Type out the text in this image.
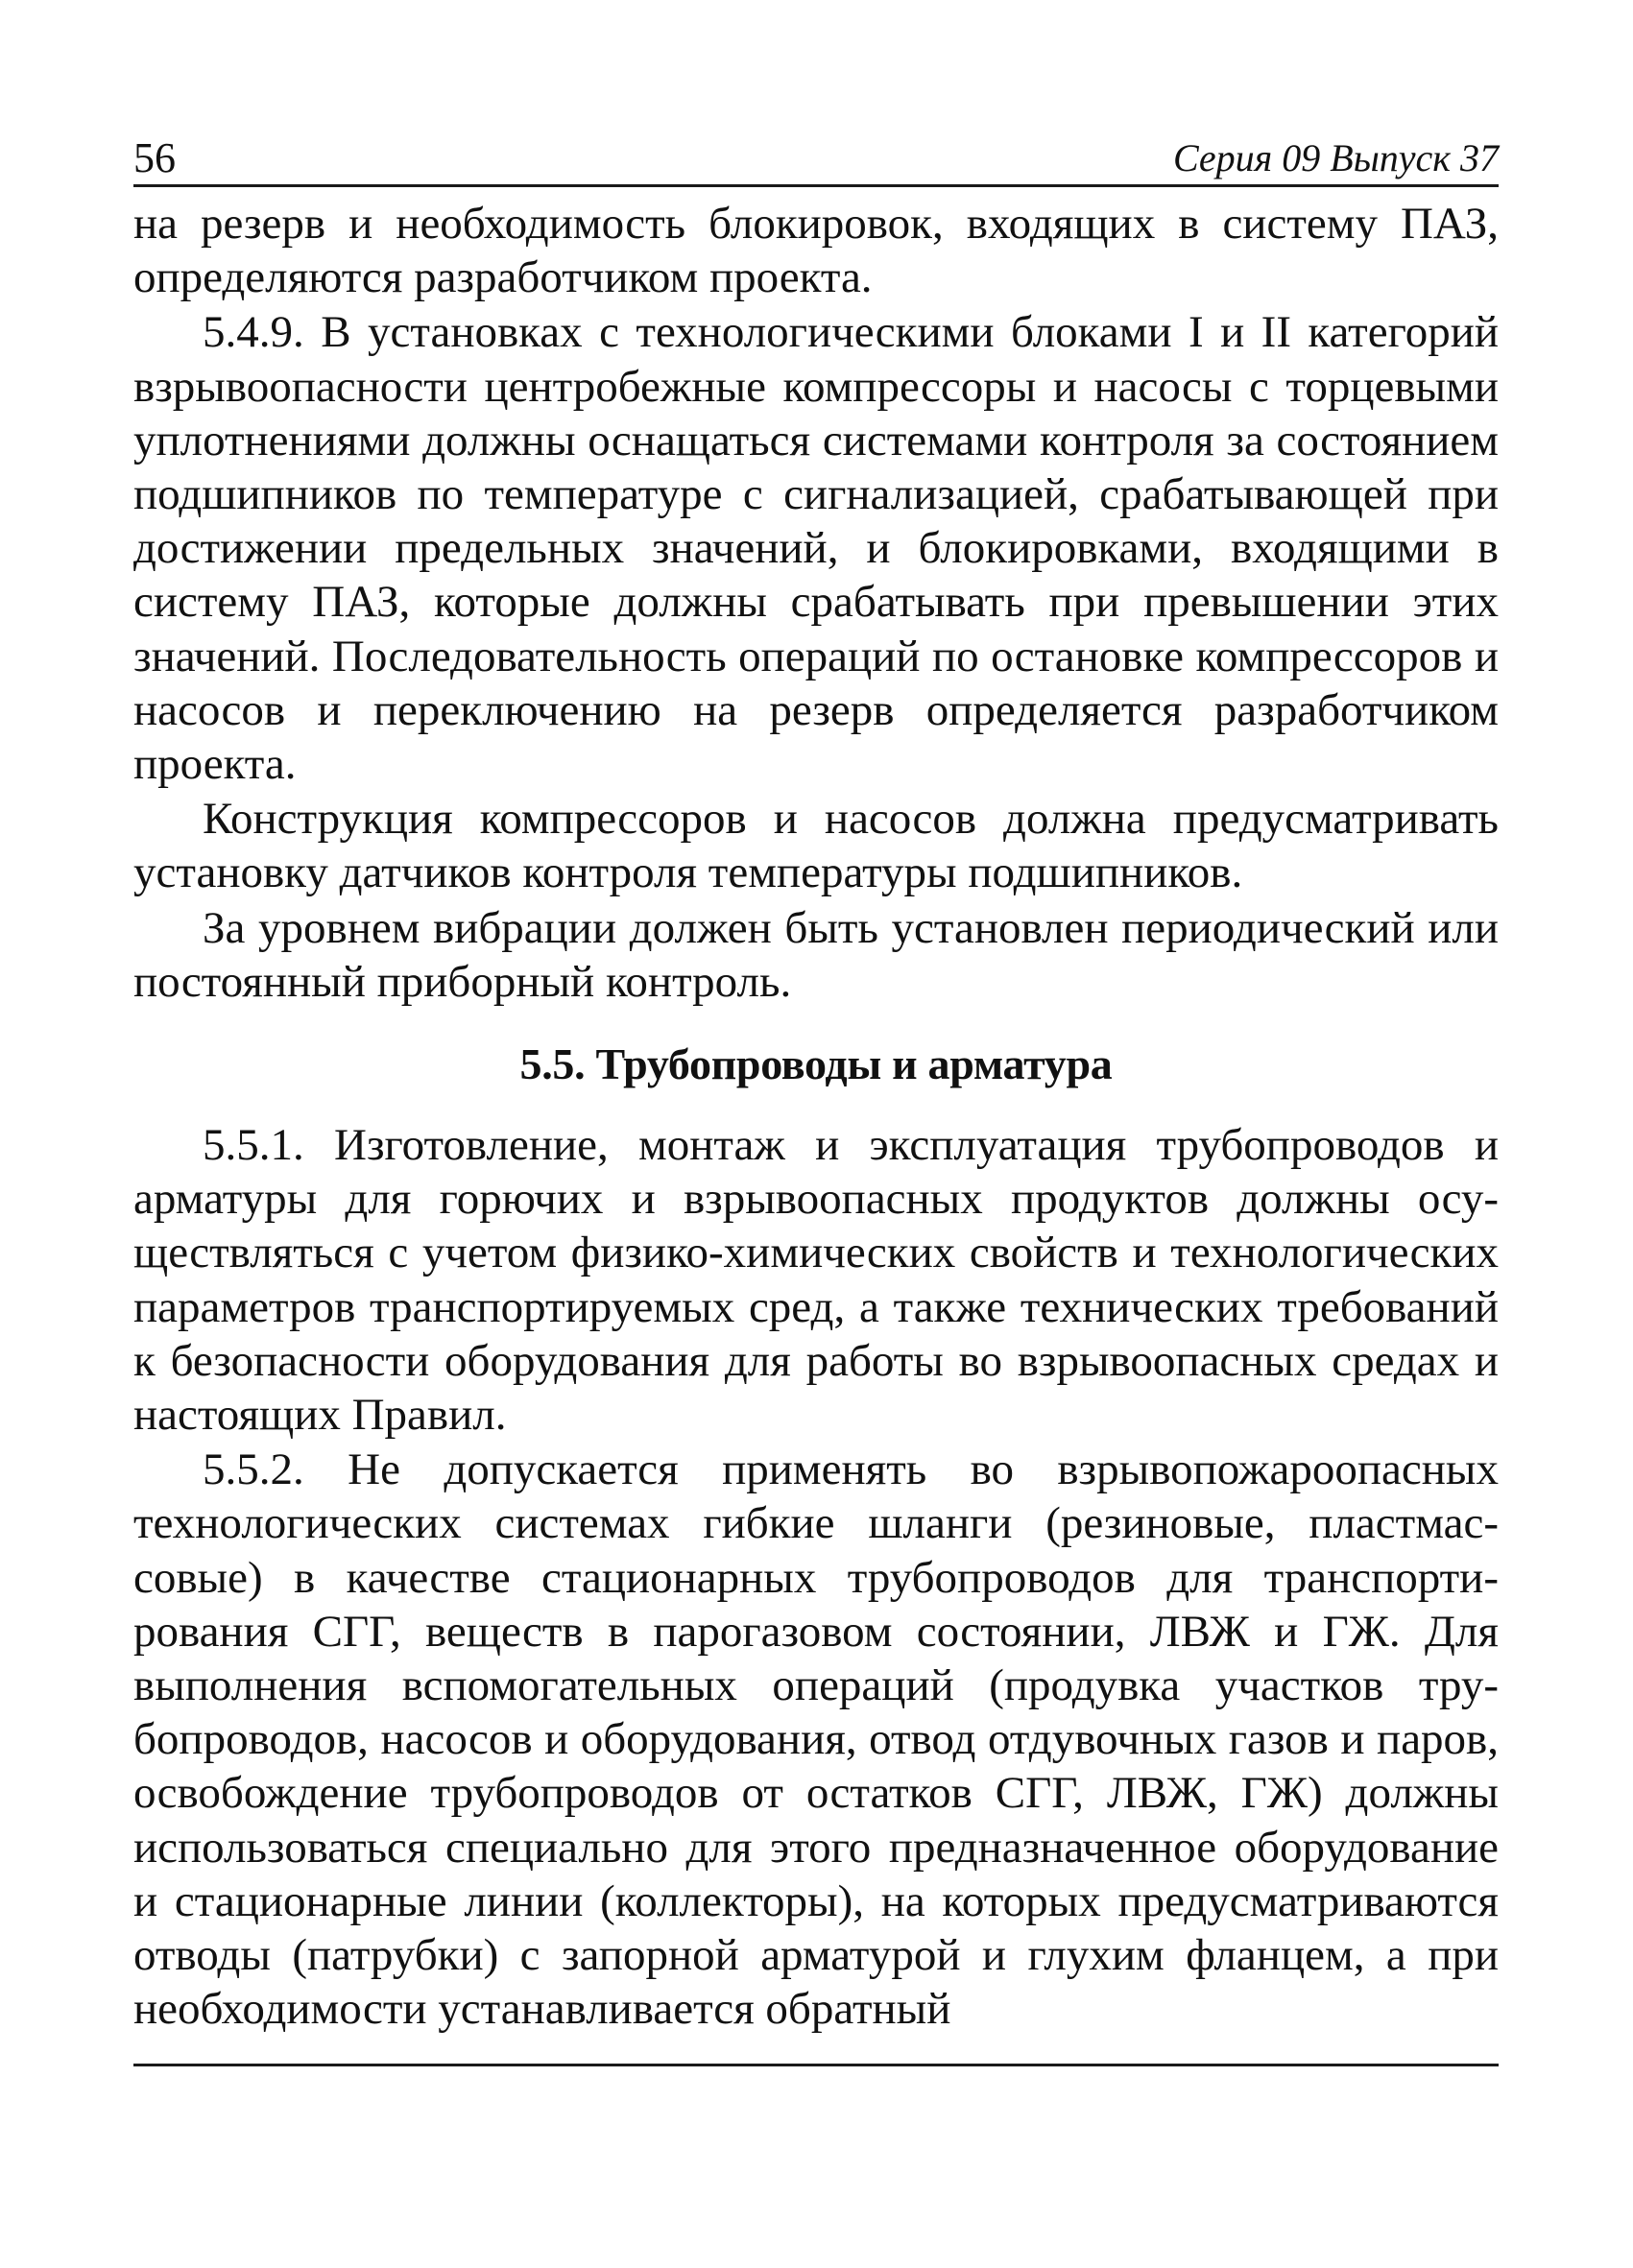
56	Серия 09 Выпуск 37

на резерв и необходимость блокировок, входящих в систему ПАЗ, определяются разработчиком проекта.

5.4.9. В установках с технологическими блоками I и II категорий взрывоопасности центробежные компрессоры и насосы с торцевыми уплотнениями должны оснащаться системами контроля за состоянием подшипников по температуре с сигнализацией, срабатывающей при достижении предельных значений, и блокировками, входящими в систему ПАЗ, которые должны срабатывать при превышении этих значений. Последовательность операций по остановке компрессоров и насосов и переключению на резерв определяется разработчиком проекта.

Конструкция компрессоров и насосов должна предусматривать установку датчиков контроля температуры подшипников.

За уровнем вибрации должен быть установлен периодический или постоянный приборный контроль.

5.5. Трубопроводы и арматура

5.5.1. Изготовление, монтаж и эксплуатация трубопроводов и арматуры для горючих и взрывоопасных продуктов должны осуществляться с учетом физико-химических свойств и технологических параметров транспортируемых сред, а также технических требований к безопасности оборудования для работы во взрывоопасных средах и настоящих Правил.

5.5.2. Не допускается применять во взрывопожароопасных технологических системах гибкие шланги (резиновые, пластмассовые) в качестве стационарных трубопроводов для транспортирования СГГ, веществ в парогазовом состоянии, ЛВЖ и ГЖ. Для выполнения вспомогательных операций (продувка участков трубопроводов, насосов и оборудования, отвод отдувочных газов и паров, освобождение трубопроводов от остатков СГГ, ЛВЖ, ГЖ) должны использоваться специально для этого предназначенное оборудование и стационарные линии (коллекторы), на которых предусматриваются отводы (патрубки) с запорной арматурой и глухим фланцем, а при необходимости устанавливается обратный
